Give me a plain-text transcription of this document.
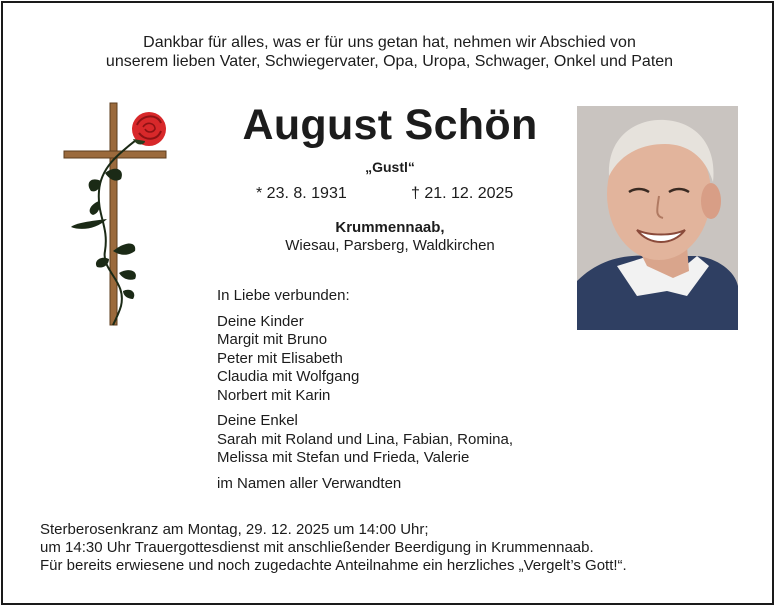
Dankbar für alles, was er für uns getan hat, nehmen wir Abschied von
unserem lieben Vater, Schwiegervater, Opa, Uropa, Schwager, Onkel und Paten
August Schön
„Gustl“
* 23. 8. 1931	† 21. 12. 2025
Krummennaab,
Wiesau, Parsberg, Waldkirchen
In Liebe verbunden:
Deine Kinder
Margit mit Bruno
Peter mit Elisabeth
Claudia mit Wolfgang
Norbert mit Karin
Deine Enkel
Sarah mit Roland und Lina, Fabian, Romina,
Melissa mit Stefan und Frieda, Valerie
im Namen aller Verwandten
Sterberosenkranz am Montag, 29. 12. 2025 um 14:00 Uhr;
um 14:30 Uhr Trauergottesdienst mit anschließender Beerdigung in Krummennaab.
Für bereits erwiesene und noch zugedachte Anteilnahme ein herzliches „Vergelt’s Gott!“.
